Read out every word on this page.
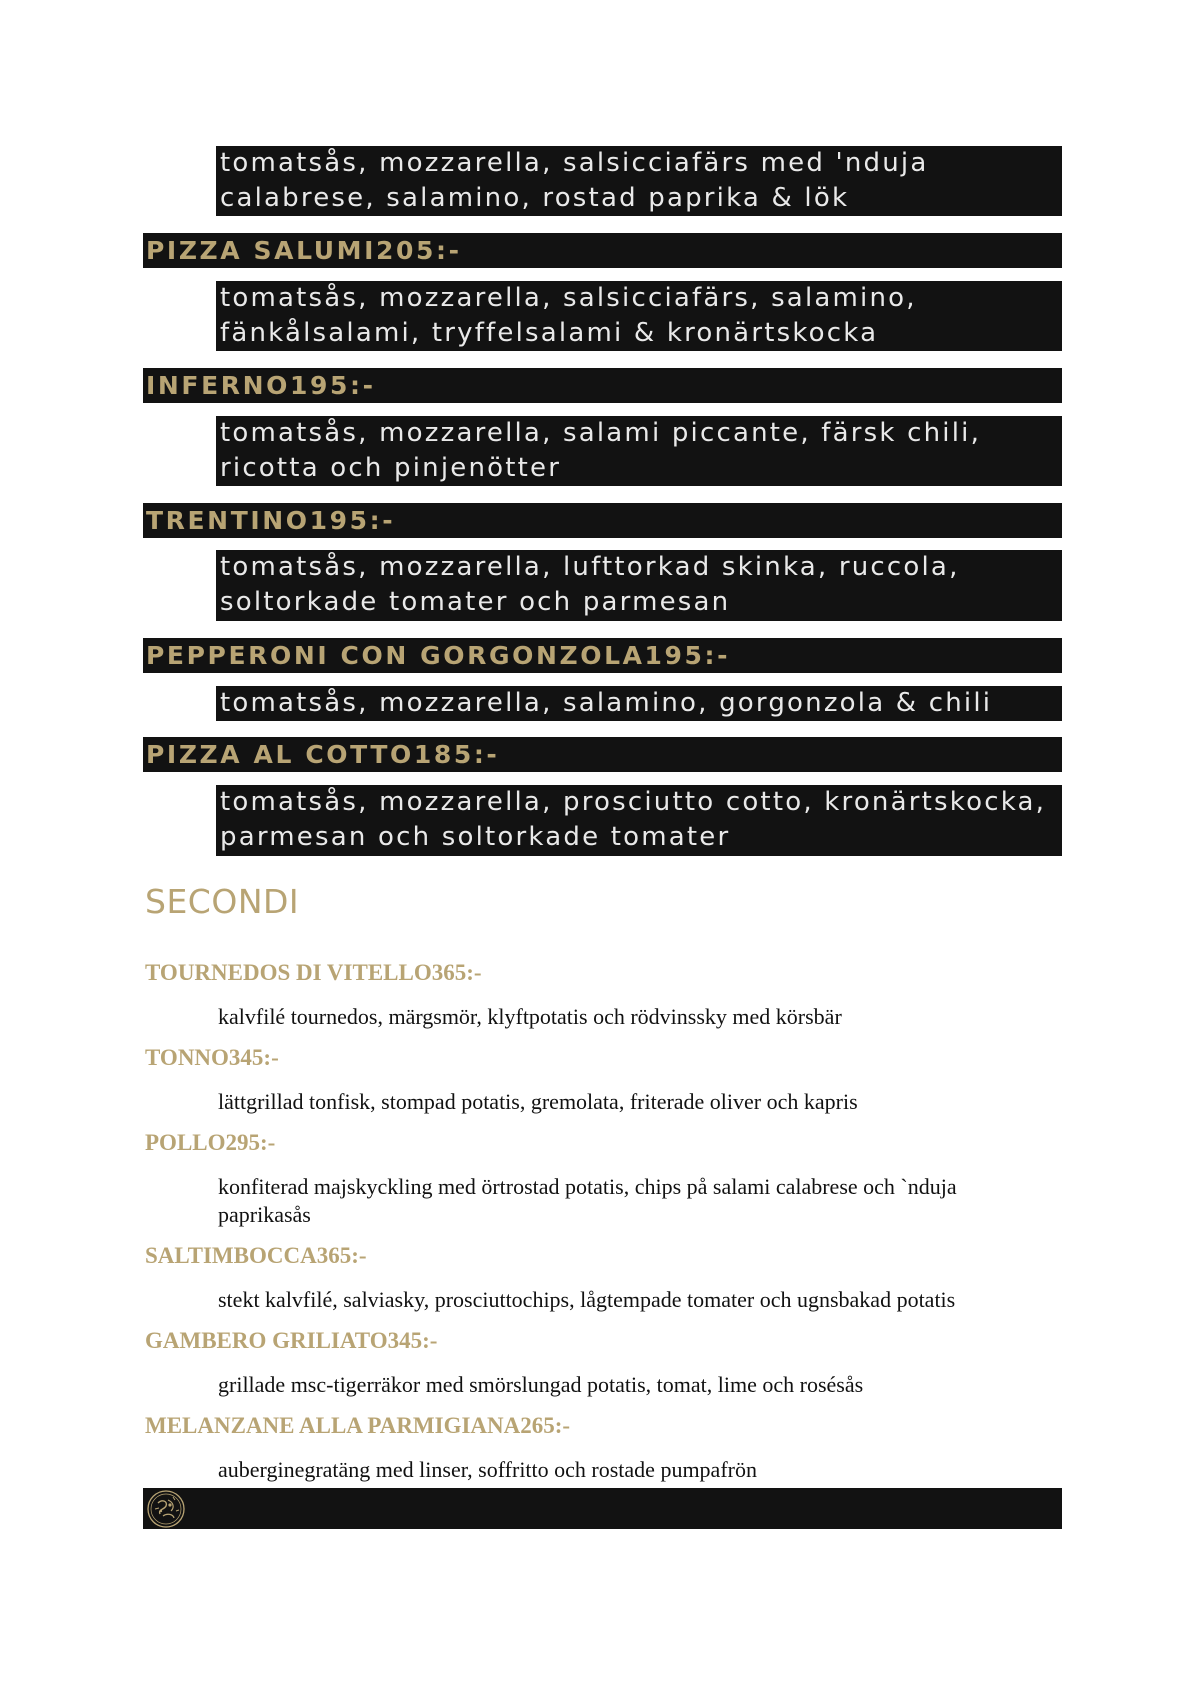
tomatsås, mozzarella, salsicciafärs med 'nduja
calabrese, salamino, rostad paprika & lök
PIZZA SALUMI205:-
tomatsås, mozzarella, salsicciafärs, salamino,
fänkålsalami, tryffelsalami & kronärtskocka
INFERNO195:-
tomatsås, mozzarella, salami piccante, färsk chili,
ricotta och pinjenötter
TRENTINO195:-
tomatsås, mozzarella, lufttorkad skinka, ruccola,
soltorkade tomater och parmesan
PEPPERONI CON GORGONZOLA195:-
tomatsås, mozzarella, salamino, gorgonzola & chili
PIZZA AL COTTO185:-
tomatsås, mozzarella, prosciutto cotto, kronärtskocka,
parmesan och soltorkade tomater
SECONDI
TOURNEDOS DI VITELLO365:-
kalvfilé tournedos, märgsmör, klyftpotatis och rödvinssky med körsbär
TONNO345:-
lättgrillad tonfisk, stompad potatis, gremolata, friterade oliver och kapris
POLLO295:-
konfiterad majskyckling med örtrostad potatis, chips på salami calabrese och `nduja paprikasås
SALTIMBOCCA365:-
stekt kalvfilé, salviasky, prosciuttochips, lågtempade tomater och ugnsbakad potatis
GAMBERO GRILIATO345:-
grillade msc-tigerräkor med smörslungad potatis, tomat, lime och rosésås
MELANZANE ALLA PARMIGIANA265:-
auberginegratäng med linser, soffritto och rostade pumpafrön
